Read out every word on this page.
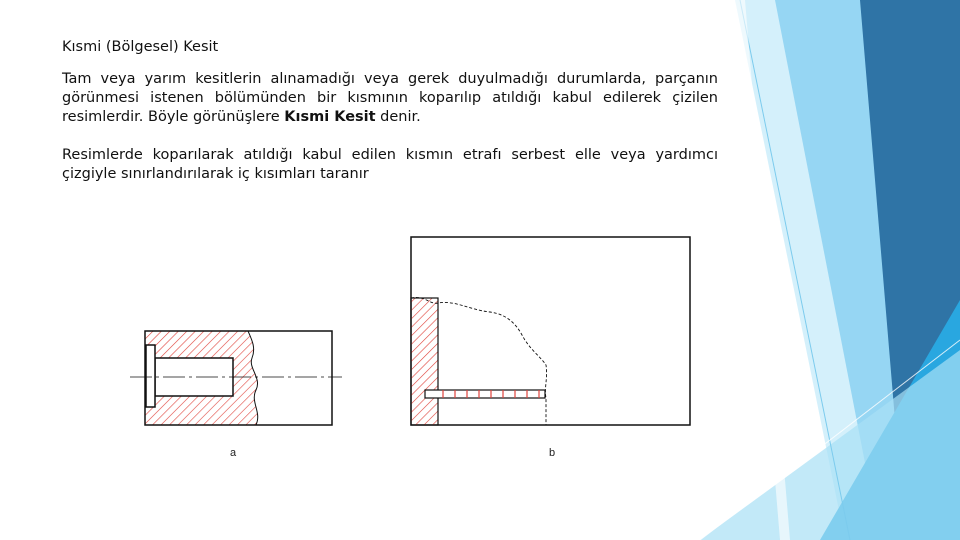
Kısmi (Bölgesel) Kesit
Tam veya yarım kesitlerin alınamadığı veya gerek duyulmadığı durumlarda, parçanın görünmesi istenen bölümünden bir kısmının koparılıp atıldığı kabul edilerek çizilen resimlerdir. Böyle görünüşlere Kısmi Kesit denir.
Resimlerde koparılarak atıldığı kabul edilen kısmın etrafı serbest elle veya yardımcı çizgiyle sınırlandırılarak iç kısımları taranır
a	b
